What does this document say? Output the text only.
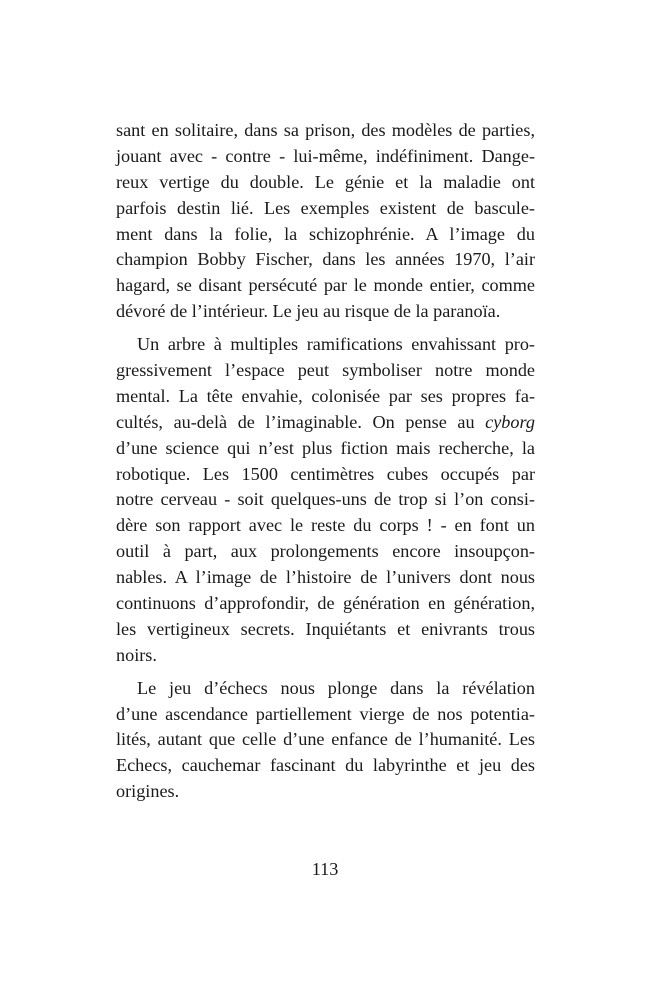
sant en solitaire, dans sa prison, des modèles de parties,
jouant avec - contre - lui-même, indéfiniment. Dange-
reux vertige du double. Le génie et la maladie ont
parfois destin lié. Les exemples existent de bascule-
ment dans la folie, la schizophrénie. A l’image du
champion Bobby Fischer, dans les années 1970, l’air
hagard, se disant persécuté par le monde entier, comme
dévoré de l’intérieur. Le jeu au risque de la paranoïa.
Un arbre à multiples ramifications envahissant pro-
gressivement l’espace peut symboliser notre monde
mental. La tête envahie, colonisée par ses propres fa-
cultés, au-delà de l’imaginable. On pense au cyborg
d’une science qui n’est plus fiction mais recherche, la
robotique. Les 1500 centimètres cubes occupés par
notre cerveau - soit quelques-uns de trop si l’on consi-
dère son rapport avec le reste du corps ! - en font un
outil à part, aux prolongements encore insoupçon-
nables. A l’image de l’histoire de l’univers dont nous
continuons d’approfondir, de génération en génération,
les vertigineux secrets. Inquiétants et enivrants trous
noirs.
Le jeu d’échecs nous plonge dans la révélation
d’une ascendance partiellement vierge de nos potentia-
lités, autant que celle d’une enfance de l’humanité. Les
Echecs, cauchemar fascinant du labyrinthe et jeu des
origines.
113
